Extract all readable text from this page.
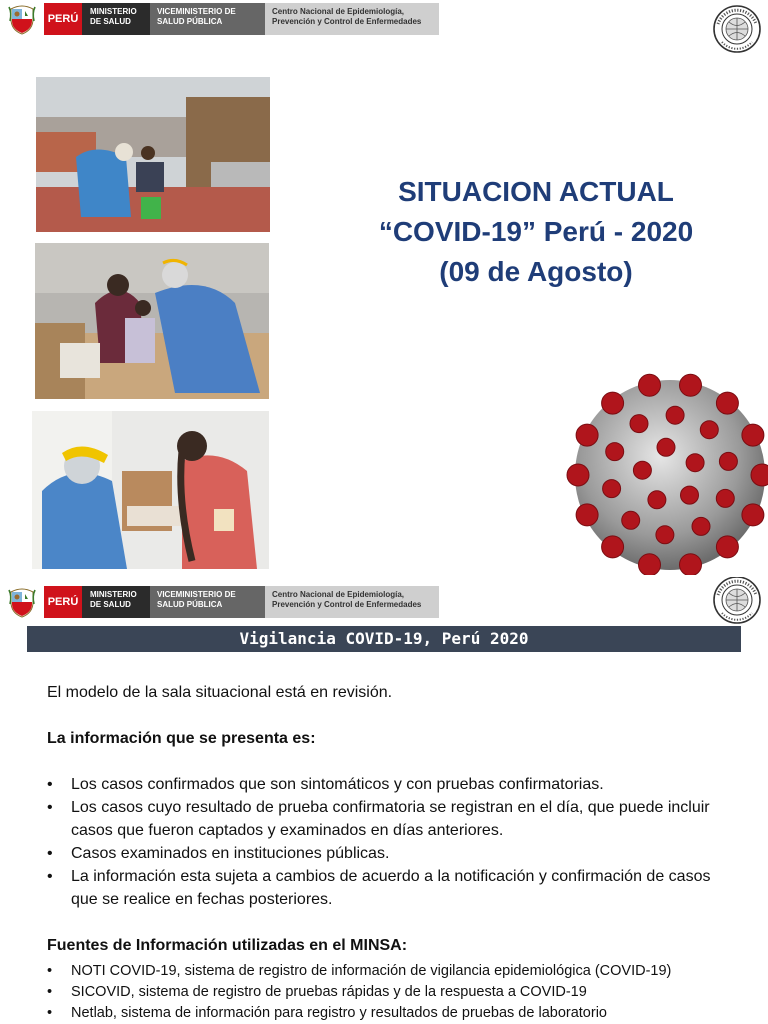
PERÚ
MINISTERIO
DE SALUD
VICEMINISTERIO DE
SALUD PÚBLICA
Centro Nacional de Epidemiología,
Prevención y Control de Enfermedades
SITUACION ACTUAL
“COVID-19” Perú - 2020
(09 de Agosto)
PERÚ
MINISTERIO
DE SALUD
VICEMINISTERIO DE
SALUD PÚBLICA
Centro Nacional de Epidemiología,
Prevención y Control de Enfermedades
Vigilancia COVID-19, Perú 2020

El modelo de la sala situacional está en revisión.

La información que se presenta es:

• Los casos confirmados que son sintomáticos y con pruebas confirmatorias.
• Los casos cuyo resultado de prueba confirmatoria se registran en el día, que puede incluir casos que fueron captados y examinados en días anteriores.
• Casos examinados en instituciones públicas.
• La información esta sujeta a cambios de acuerdo a la notificación y confirmación de casos que se realice en fechas posteriores.

Fuentes de Información utilizadas en el MINSA:

• NOTI COVID-19, sistema de registro de información de vigilancia epidemiológica (COVID-19)
• SICOVID, sistema de registro de pruebas rápidas y de la respuesta a COVID-19
• Netlab, sistema de información para registro y resultados de pruebas de laboratorio
